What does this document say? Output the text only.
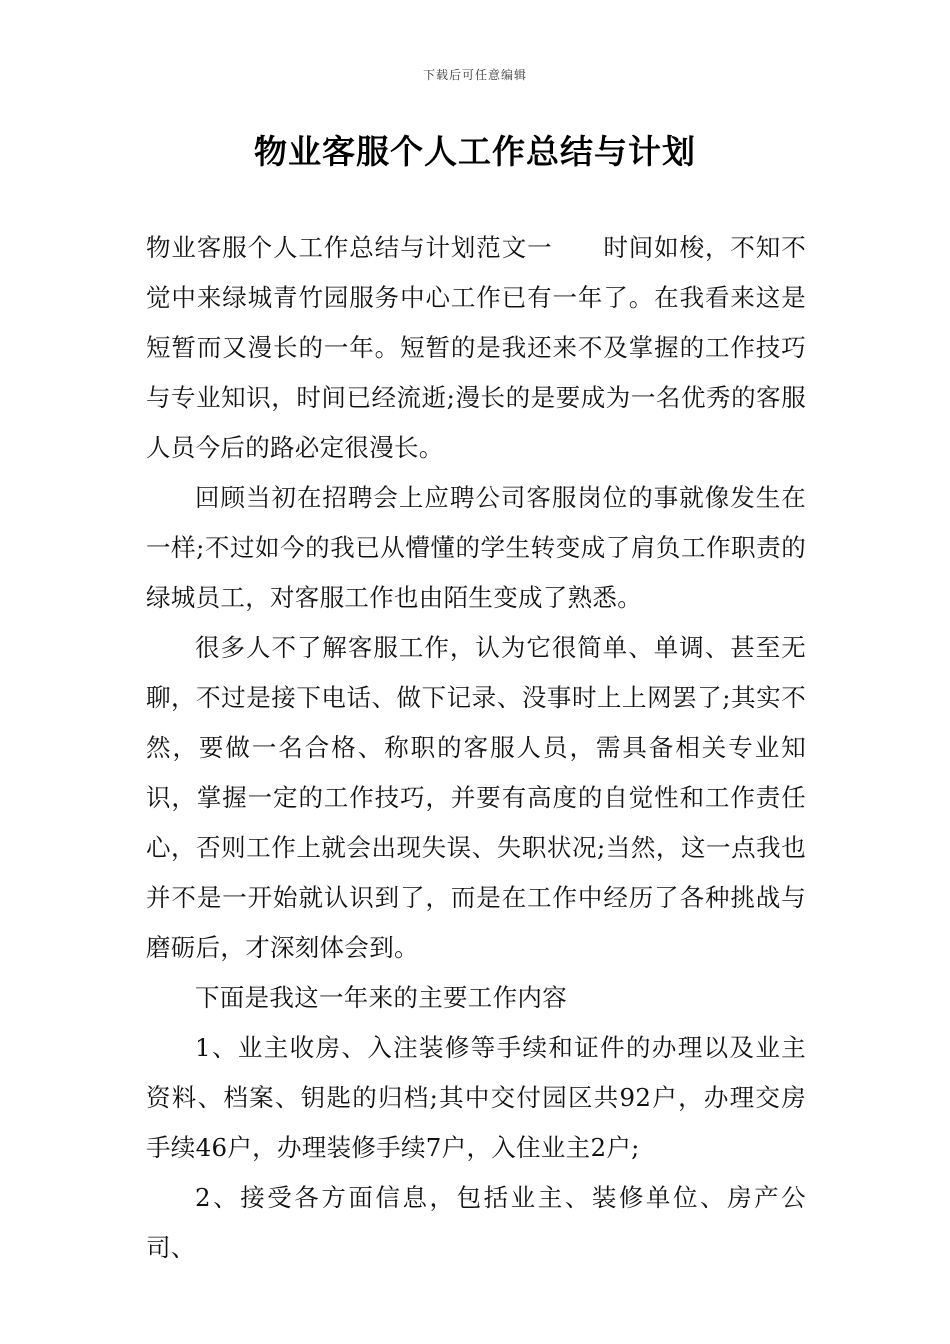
下载后可任意编辑
物业客服个人工作总结与计划

物业客服个人工作总结与计划范文一　　时间如梭，不知不觉中来绿城青竹园服务中心工作已有一年了。在我看来这是短暂而又漫长的一年。短暂的是我还来不及掌握的工作技巧与专业知识，时间已经流逝;漫长的是要成为一名优秀的客服人员今后的路必定很漫长。

回顾当初在招聘会上应聘公司客服岗位的事就像发生在一样;不过如今的我已从懵懂的学生转变成了肩负工作职责的绿城员工，对客服工作也由陌生变成了熟悉。

很多人不了解客服工作，认为它很简单、单调、甚至无聊，不过是接下电话、做下记录、没事时上上网罢了;其实不然，要做一名合格、称职的客服人员，需具备相关专业知识，掌握一定的工作技巧，并要有高度的自觉性和工作责任心，否则工作上就会出现失误、失职状况;当然，这一点我也并不是一开始就认识到了，而是在工作中经历了各种挑战与磨砺后，才深刻体会到。

下面是我这一年来的主要工作内容

1、业主收房、入注装修等手续和证件的办理以及业主资料、档案、钥匙的归档;其中交付园区共92户，办理交房手续46户，办理装修手续7户，入住业主2户;

2、接受各方面信息，包括业主、装修单位、房产公司、
